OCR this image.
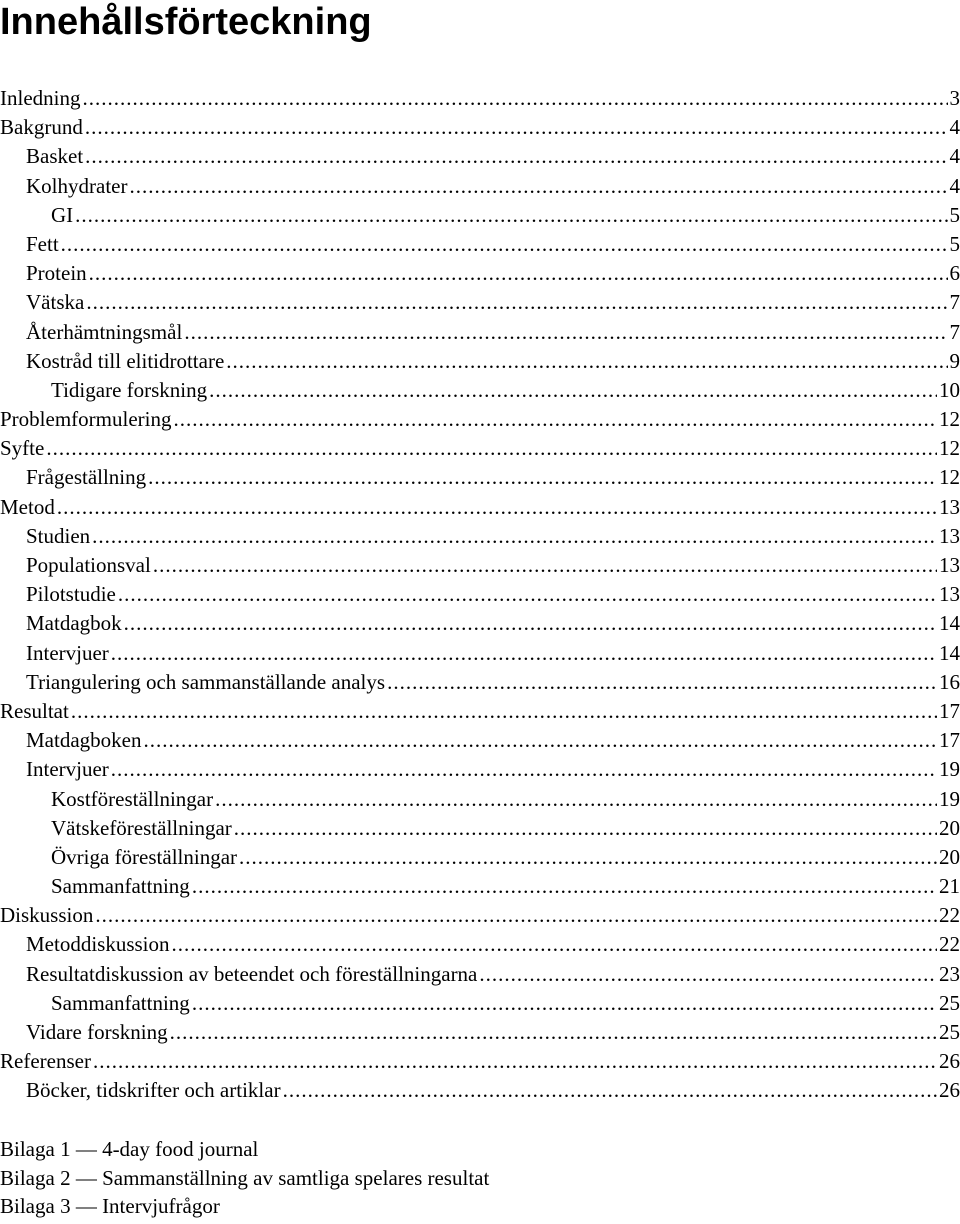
Innehållsförteckning
Inledning .....	3
Bakgrund .....	4
Basket .....	4
Kolhydrater .....	4
GI .....	5
Fett .....	5
Protein .....	6
Vätska .....	7
Återhämtningsmål .....	7
Kostråd till elitidrottare .....	9
Tidigare forskning .....	10
Problemformulering .....	12
Syfte .....	12
Frågeställning .....	12
Metod .....	13
Studien .....	13
Populationsval .....	13
Pilotstudie .....	13
Matdagbok .....	14
Intervjuer .....	14
Triangulering och sammanställande analys .....	16
Resultat .....	17
Matdagboken .....	17
Intervjuer .....	19
Kostföreställningar .....	19
Vätskeföreställningar .....	20
Övriga föreställningar .....	20
Sammanfattning .....	21
Diskussion .....	22
Metoddiskussion .....	22
Resultatdiskussion av beteendet och föreställningarna .....	23
Sammanfattning .....	25
Vidare forskning .....	25
Referenser .....	26
Böcker, tidskrifter och artiklar .....	26
Bilaga 1 — 4-day food journal
Bilaga 2 — Sammanställning av samtliga spelares resultat
Bilaga 3 — Intervjufrågor
